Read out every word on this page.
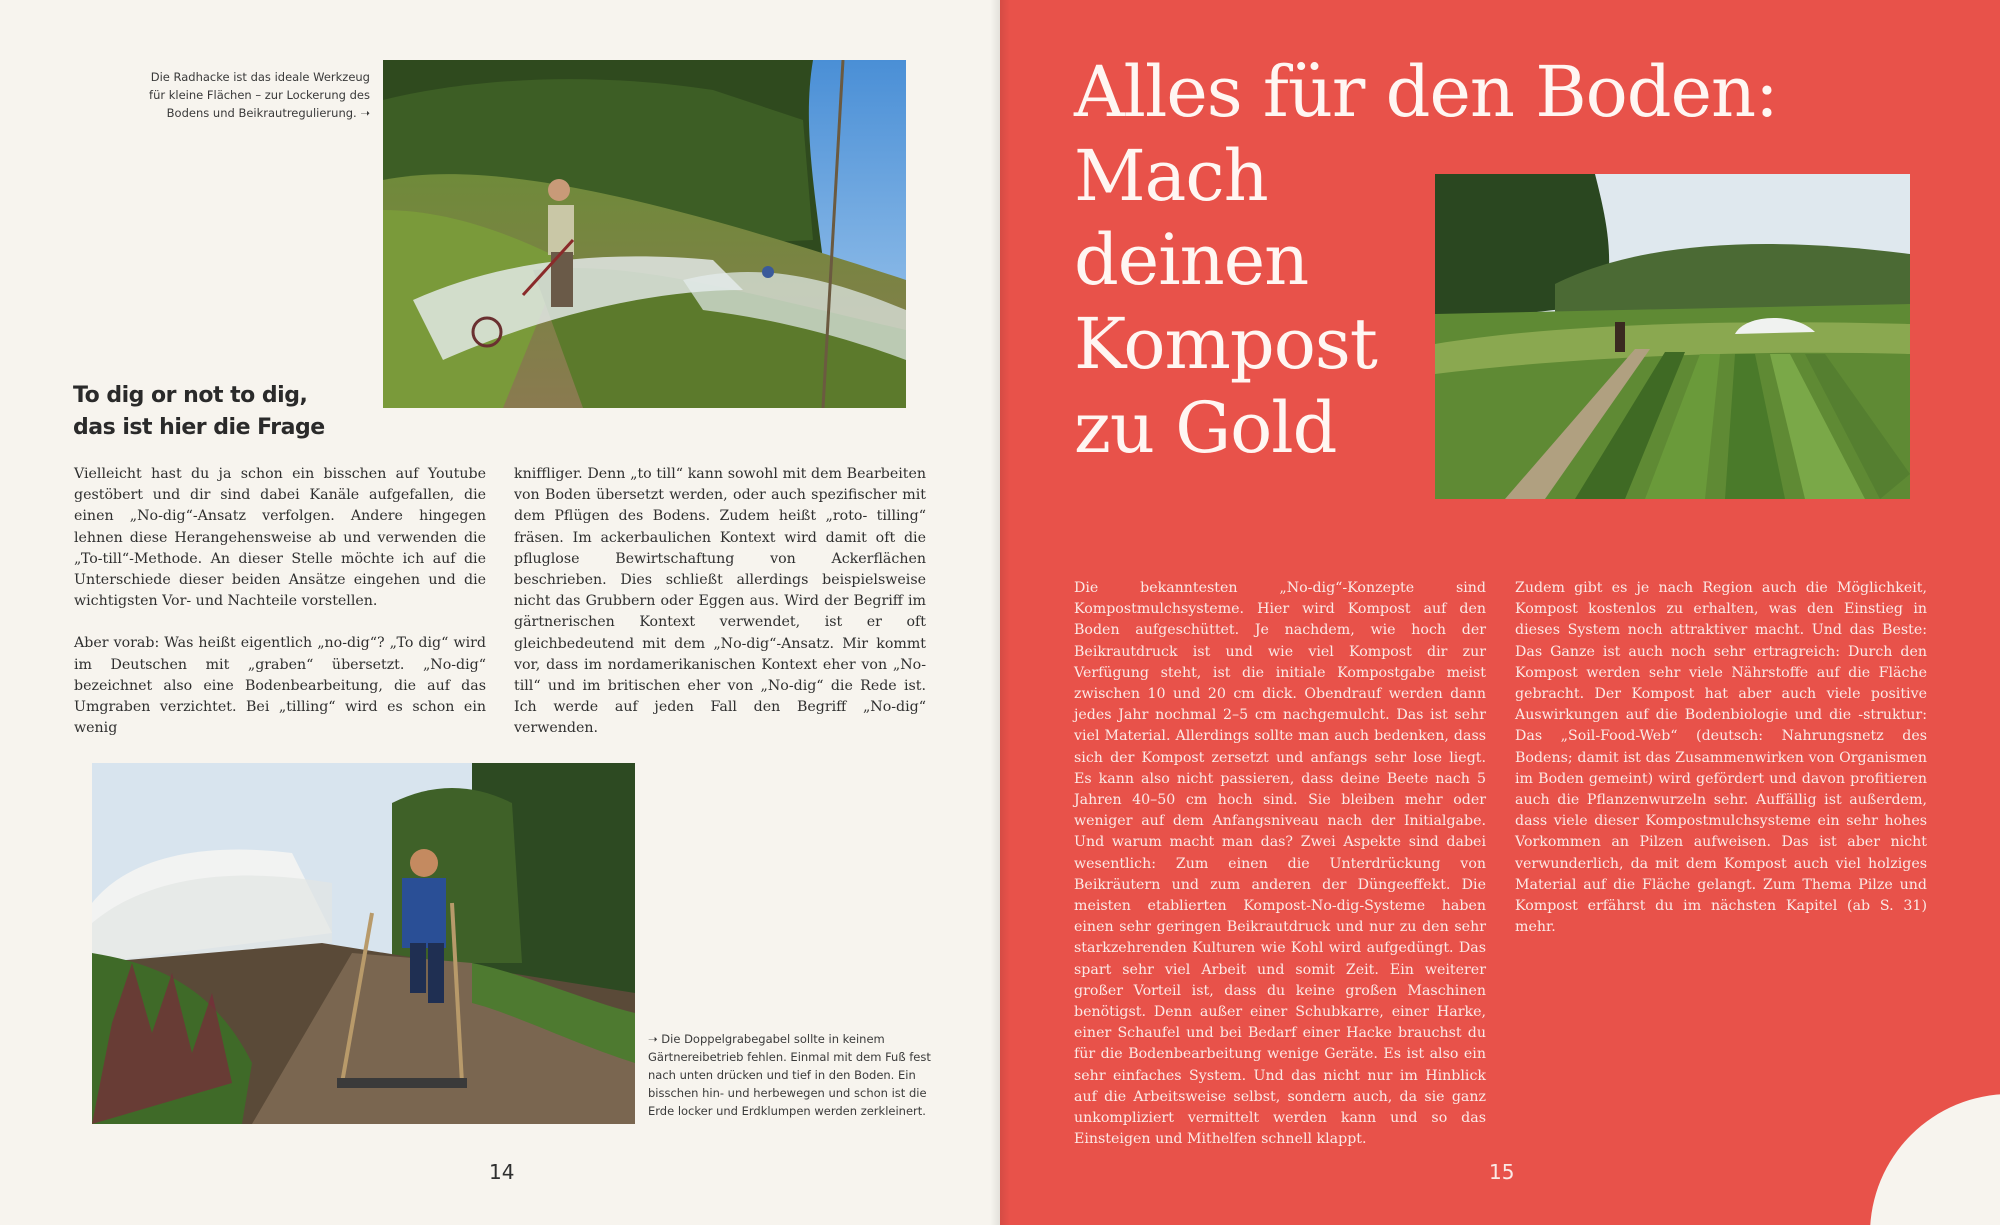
Die Radhacke ist das ideale Werkzeug
für kleine Flächen – zur Lockerung des
Bodens und Beikrautregulierung. ➝
To dig or not to dig,
das ist hier die Frage

Vielleicht hast du ja schon ein bisschen auf Youtube gestöbert und dir sind dabei Kanäle aufgefallen, die einen „No-dig“-Ansatz verfolgen. Andere hingegen lehnen diese Herangehensweise ab und verwenden die „To-till“-Methode. An dieser Stelle möchte ich auf die Unterschiede dieser beiden Ansätze eingehen und die wichtigsten Vor- und Nachteile vorstellen.

Aber vorab: Was heißt eigentlich „no-dig“? „To dig“ wird im Deutschen mit „graben“ übersetzt. „No-dig“ bezeichnet also eine Bodenbearbeitung, die auf das Umgraben verzichtet. Bei „tilling“ wird es schon ein wenig

kniffliger. Denn „to till“ kann sowohl mit dem Bearbeiten von Boden übersetzt werden, oder auch spezifischer mit dem Pflügen des Bodens. Zudem heißt „roto- tilling“ fräsen. Im ackerbaulichen Kontext wird damit oft die pfluglose Bewirtschaftung von Ackerflächen beschrieben. Dies schließt allerdings beispielsweise nicht das Grubbern oder Eggen aus. Wird der Begriff im gärtnerischen Kontext verwendet, ist er oft gleichbedeutend mit dem „No-dig“-Ansatz. Mir kommt vor, dass im nordamerikanischen Kontext eher von „No-till“ und im britischen eher von „No-dig“ die Rede ist. Ich werde auf jeden Fall den Begriff „No-dig“ verwenden.

➝ Die Doppelgrabegabel sollte in keinem
Gärtnereibetrieb fehlen. Einmal mit dem Fuß fest
nach unten drücken und tief in den Boden. Ein
bisschen hin- und herbewegen und schon ist die
Erde locker und Erdklumpen werden zerkleinert.
14
Alles für den Boden:
Mach
deinen
Kompost
zu Gold

Die bekanntesten „No-dig“-Konzepte sind Kompostmulchsysteme. Hier wird Kompost auf den Boden aufgeschüttet. Je nachdem, wie hoch der Beikrautdruck ist und wie viel Kompost dir zur Verfügung steht, ist die initiale Kompostgabe meist zwischen 10 und 20 cm dick. Obendrauf werden dann jedes Jahr nochmal 2–5 cm nachgemulcht. Das ist sehr viel Material. Allerdings sollte man auch bedenken, dass sich der Kompost zersetzt und anfangs sehr lose liegt. Es kann also nicht passieren, dass deine Beete nach 5 Jahren 40–50 cm hoch sind. Sie bleiben mehr oder weniger auf dem Anfangsniveau nach der Initialgabe. Und warum macht man das? Zwei Aspekte sind dabei wesentlich: Zum einen die Unterdrückung von Beikräutern und zum anderen der Düngeeffekt. Die meisten etablierten Kompost-No-dig-Systeme haben einen sehr geringen Beikrautdruck und nur zu den sehr starkzehrenden Kulturen wie Kohl wird aufgedüngt. Das spart sehr viel Arbeit und somit Zeit. Ein weiterer großer Vorteil ist, dass du keine großen Maschinen benötigst. Denn außer einer Schubkarre, einer Harke, einer Schaufel und bei Bedarf einer Hacke brauchst du für die Bodenbearbeitung wenige Geräte. Es ist also ein sehr einfaches System. Und das nicht nur im Hinblick auf die Arbeitsweise selbst, sondern auch, da sie ganz unkompliziert vermittelt werden kann und so das Einsteigen und Mithelfen schnell klappt.

Zudem gibt es je nach Region auch die Möglichkeit, Kompost kostenlos zu erhalten, was den Einstieg in dieses System noch attraktiver macht. Und das Beste: Das Ganze ist auch noch sehr ertragreich: Durch den Kompost werden sehr viele Nährstoffe auf die Fläche gebracht. Der Kompost hat aber auch viele positive Auswirkungen auf die Bodenbiologie und die -struktur: Das „Soil-Food-Web“ (deutsch: Nahrungsnetz des Bodens; damit ist das Zusammenwirken von Organismen im Boden gemeint) wird gefördert und davon profitieren auch die Pflanzenwurzeln sehr. Auffällig ist außerdem, dass viele dieser Kompostmulchsysteme ein sehr hohes Vorkommen an Pilzen aufweisen. Das ist aber nicht verwunderlich, da mit dem Kompost auch viel holziges Material auf die Fläche gelangt. Zum Thema Pilze und Kompost erfährst du im nächsten Kapitel (ab S. 31) mehr.

15
